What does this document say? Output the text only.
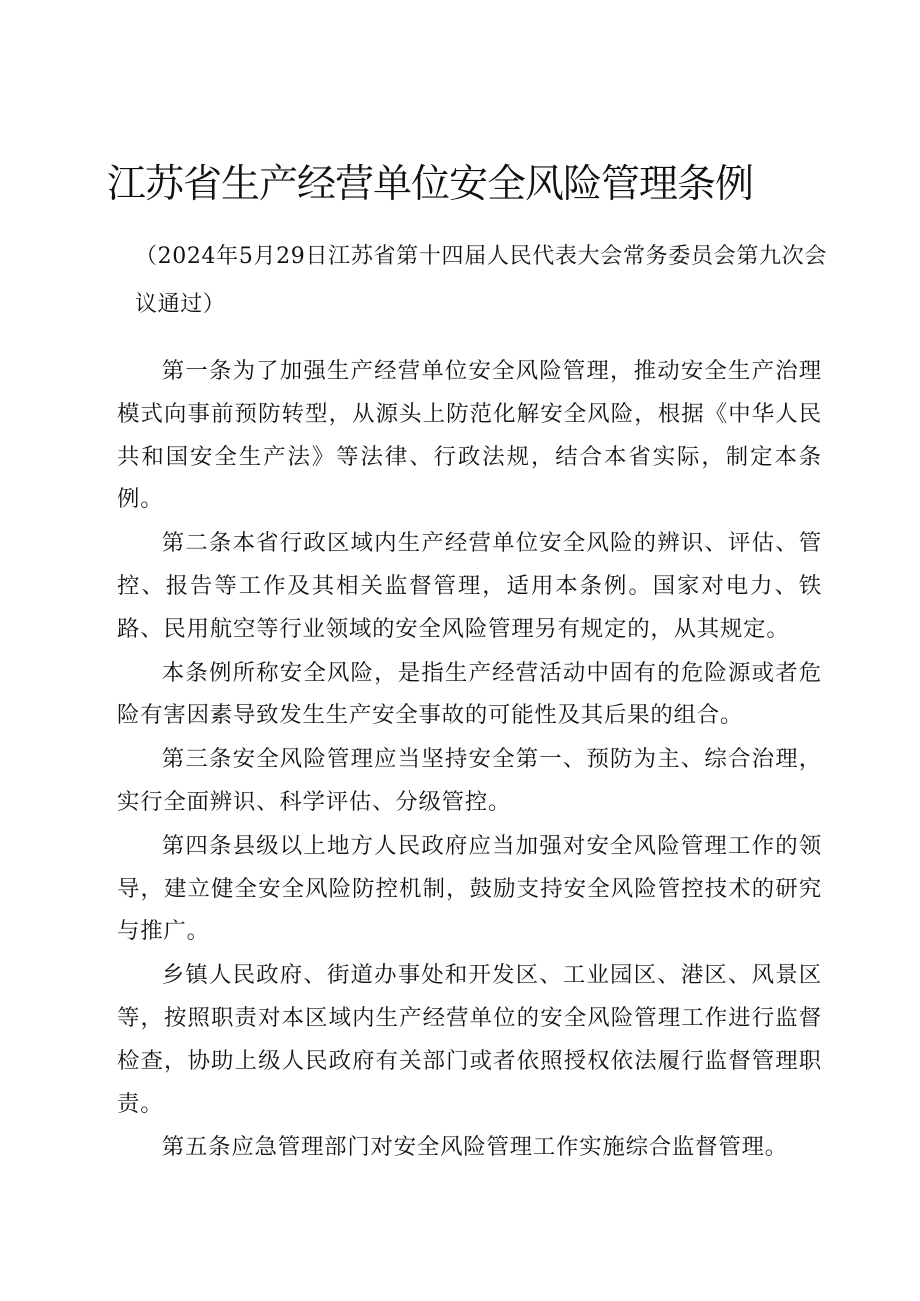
江苏省生产经营单位安全风险管理条例

（2024年5月29日江苏省第十四届人民代表大会常务委员会第九次会议通过）

第一条为了加强生产经营单位安全风险管理，推动安全生产治理模式向事前预防转型，从源头上防范化解安全风险，根据《中华人民共和国安全生产法》等法律、行政法规，结合本省实际，制定本条例。

第二条本省行政区域内生产经营单位安全风险的辨识、评估、管控、报告等工作及其相关监督管理，适用本条例。国家对电力、铁路、民用航空等行业领域的安全风险管理另有规定的，从其规定。

本条例所称安全风险，是指生产经营活动中固有的危险源或者危险有害因素导致发生生产安全事故的可能性及其后果的组合。

第三条安全风险管理应当坚持安全第一、预防为主、综合治理，实行全面辨识、科学评估、分级管控。

第四条县级以上地方人民政府应当加强对安全风险管理工作的领导，建立健全安全风险防控机制，鼓励支持安全风险管控技术的研究与推广。

乡镇人民政府、街道办事处和开发区、工业园区、港区、风景区等，按照职责对本区域内生产经营单位的安全风险管理工作进行监督检查，协助上级人民政府有关部门或者依照授权依法履行监督管理职责。

第五条应急管理部门对安全风险管理工作实施综合监督管理。
